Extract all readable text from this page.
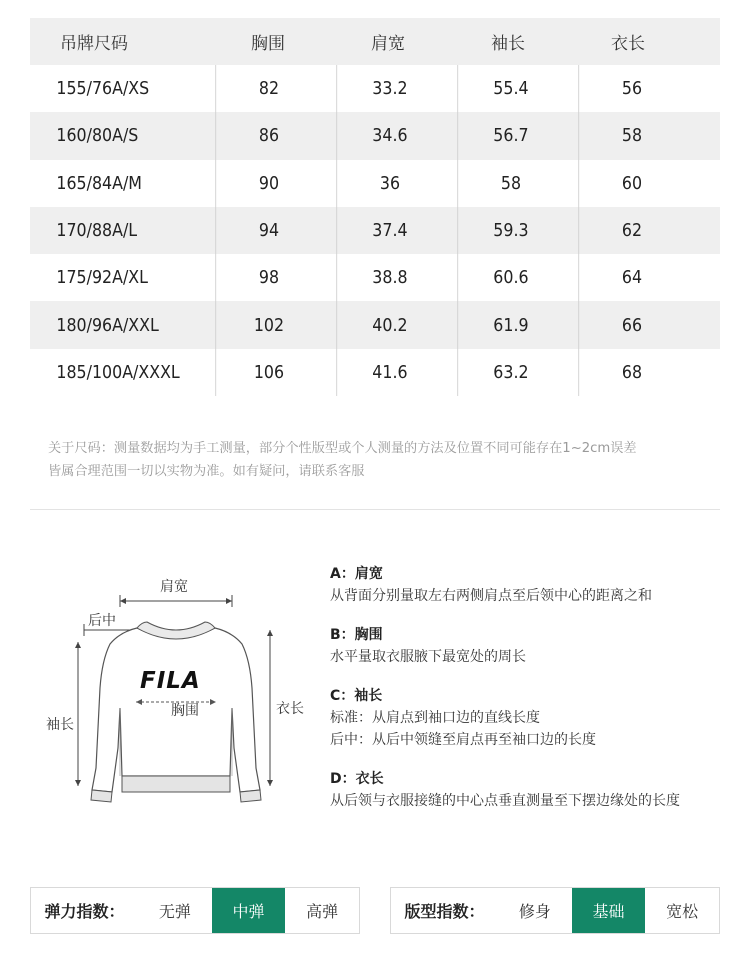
吊牌尺码	胸围	肩宽	袖长	衣长
155/76A/XS	82	33.2	55.4	56
160/80A/S	86	34.6	56.7	58
165/84A/M	90	36	58	60
170/88A/L	94	37.4	59.3	62
175/92A/XL	98	38.8	60.6	64
180/96A/XXL	102	40.2	61.9	66
185/100A/XXXL	106	41.6	63.2	68
关于尺码：测量数据均为手工测量，部分个性版型或个人测量的方法及位置不同可能存在1~2cm误差
皆属合理范围一切以实物为准。如有疑问，请联系客服
FILA
肩宽
后中
袖长
胸围	衣长
A：肩宽
从背面分别量取左右两侧肩点至后领中心的距离之和
B：胸围
水平量取衣服腋下最宽处的周长
C：袖长
标准：从肩点到袖口边的直线长度
后中：从后中领缝至肩点再至袖口边的长度
D：衣长
从后领与衣服接缝的中心点垂直测量至下摆边缘处的长度
弹力指数：	无弹	中弹	高弹	版型指数：	修身	基础	宽松
